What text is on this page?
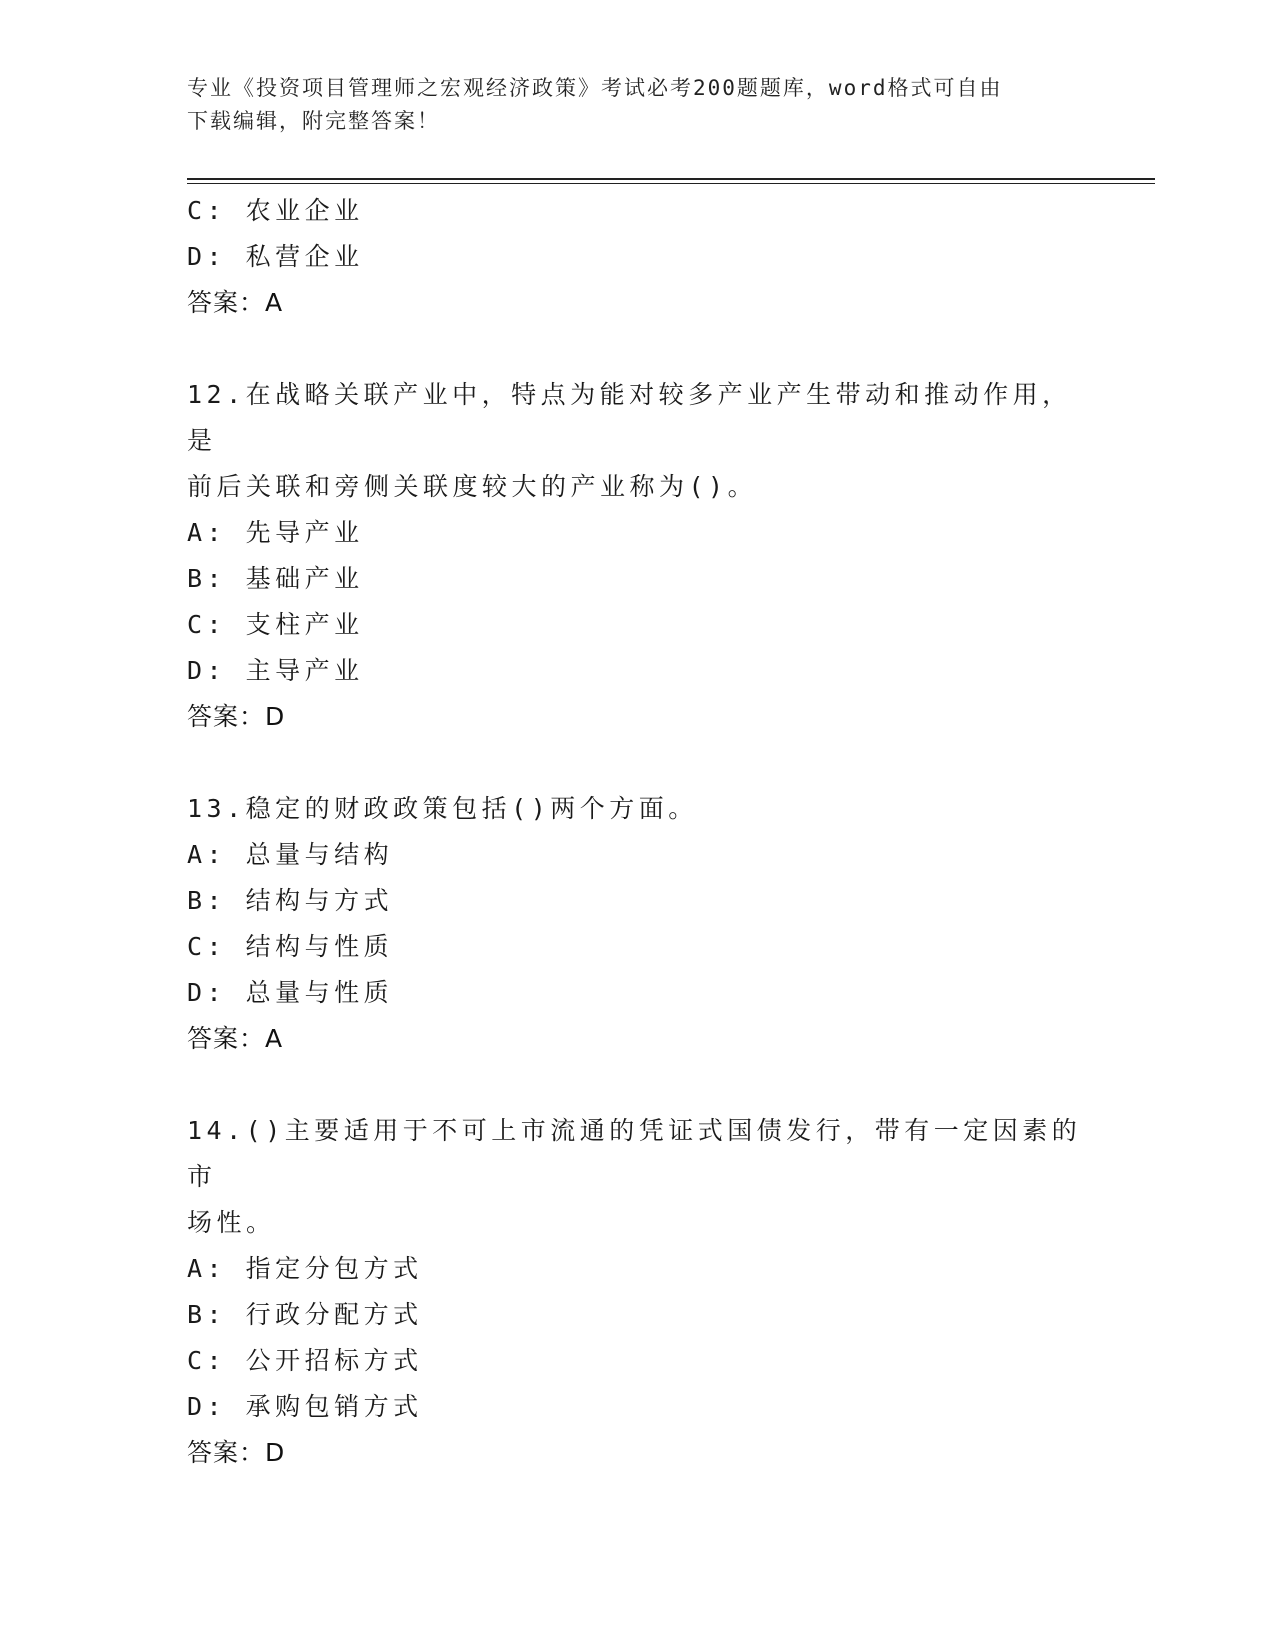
专业《投资项目管理师之宏观经济政策》考试必考200题题库，word格式可自由
下载编辑，附完整答案！
C: 农业企业
D: 私营企业
答案：A
12.在战略关联产业中，特点为能对较多产业产生带动和推动作用，是
前后关联和旁侧关联度较大的产业称为()。
A: 先导产业
B: 基础产业
C: 支柱产业
D: 主导产业
答案：D
13.稳定的财政政策包括()两个方面。
A: 总量与结构
B: 结构与方式
C: 结构与性质
D: 总量与性质
答案：A
14.()主要适用于不可上市流通的凭证式国债发行，带有一定因素的市
场性。
A: 指定分包方式
B: 行政分配方式
C: 公开招标方式
D: 承购包销方式
答案：D
